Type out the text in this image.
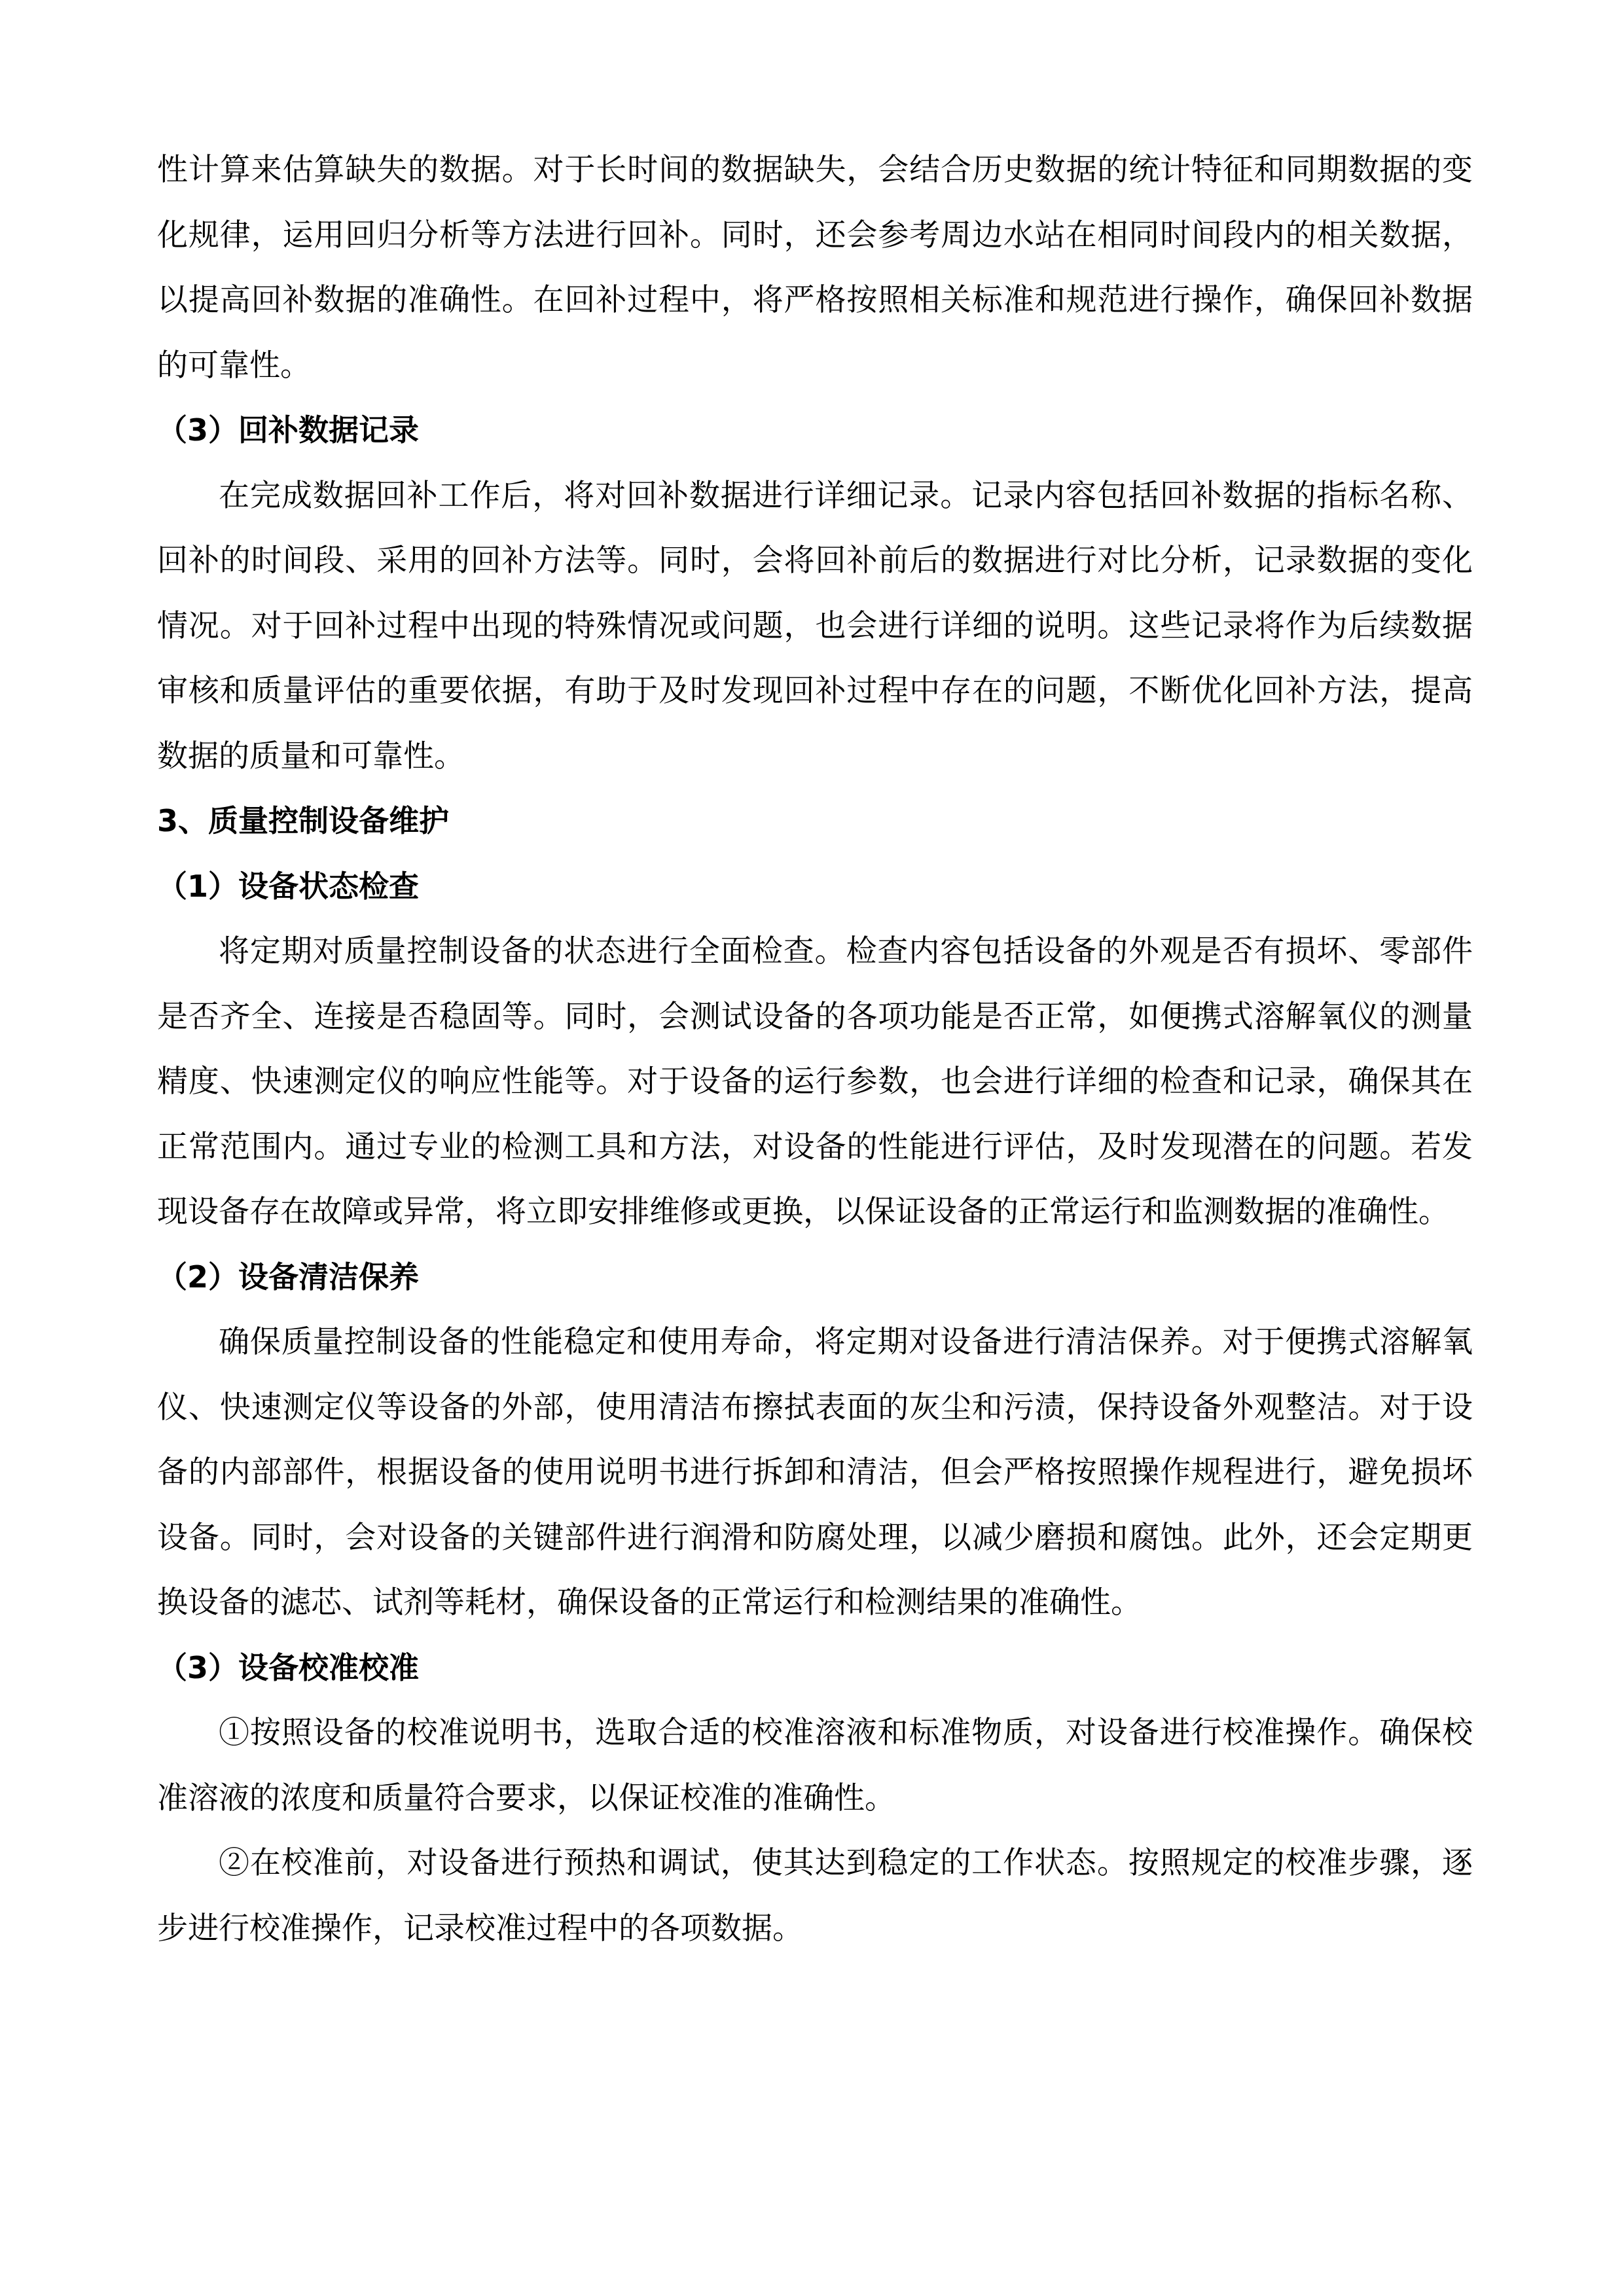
性计算来估算缺失的数据。对于长时间的数据缺失，会结合历史数据的统计特征和同期数据的变化规律，运用回归分析等方法进行回补。同时，还会参考周边水站在相同时间段内的相关数据，以提高回补数据的准确性。在回补过程中，将严格按照相关标准和规范进行操作，确保回补数据的可靠性。

（3）回补数据记录

在完成数据回补工作后，将对回补数据进行详细记录。记录内容包括回补数据的指标名称、回补的时间段、采用的回补方法等。同时，会将回补前后的数据进行对比分析，记录数据的变化情况。对于回补过程中出现的特殊情况或问题，也会进行详细的说明。这些记录将作为后续数据审核和质量评估的重要依据，有助于及时发现回补过程中存在的问题，不断优化回补方法，提高数据的质量和可靠性。

3、质量控制设备维护

（1）设备状态检查

将定期对质量控制设备的状态进行全面检查。检查内容包括设备的外观是否有损坏、零部件是否齐全、连接是否稳固等。同时，会测试设备的各项功能是否正常，如便携式溶解氧仪的测量精度、快速测定仪的响应性能等。对于设备的运行参数，也会进行详细的检查和记录，确保其在正常范围内。通过专业的检测工具和方法，对设备的性能进行评估，及时发现潜在的问题。若发现设备存在故障或异常，将立即安排维修或更换，以保证设备的正常运行和监测数据的准确性。

（2）设备清洁保养

确保质量控制设备的性能稳定和使用寿命，将定期对设备进行清洁保养。对于便携式溶解氧仪、快速测定仪等设备的外部，使用清洁布擦拭表面的灰尘和污渍，保持设备外观整洁。对于设备的内部部件，根据设备的使用说明书进行拆卸和清洁，但会严格按照操作规程进行，避免损坏设备。同时，会对设备的关键部件进行润滑和防腐处理，以减少磨损和腐蚀。此外，还会定期更换设备的滤芯、试剂等耗材，确保设备的正常运行和检测结果的准确性。

（3）设备校准校准

①按照设备的校准说明书，选取合适的校准溶液和标准物质，对设备进行校准操作。确保校准溶液的浓度和质量符合要求，以保证校准的准确性。

②在校准前，对设备进行预热和调试，使其达到稳定的工作状态。按照规定的校准步骤，逐步进行校准操作，记录校准过程中的各项数据。
